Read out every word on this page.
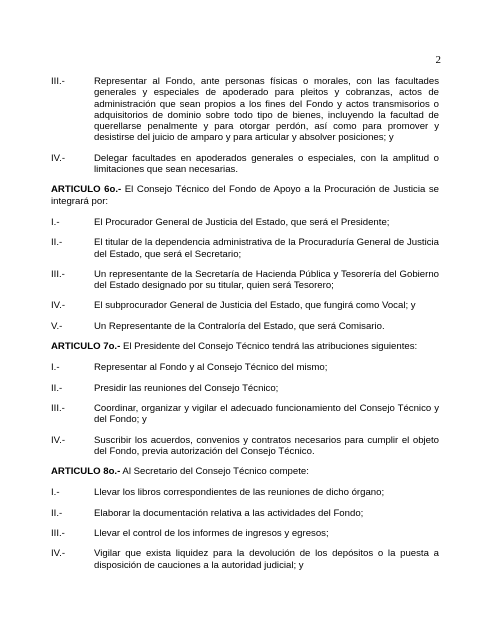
2
III.-	Representar al Fondo, ante personas físicas o morales, con las facultades generales y especiales de apoderado para pleitos y cobranzas, actos de administración que sean propios a los fines del Fondo y actos transmisorios o adquisitorios de dominio sobre todo tipo de bienes, incluyendo la facultad de querellarse penalmente y para otorgar perdón, así como para promover y desistirse del juicio de amparo y para articular y absolver posiciones; y
IV.-	Delegar facultades en apoderados generales o especiales, con la amplitud o limitaciones que sean necesarias.
ARTICULO 6o.- El Consejo Técnico del Fondo de Apoyo a la Procuración de Justicia se integrará por:
I.-	El Procurador General de Justicia del Estado, que será el Presidente;
II.-	El titular de la dependencia administrativa de la Procuraduría General de Justicia del Estado, que será el Secretario;
III.-	Un representante de la Secretaría de Hacienda Pública y Tesorería del Gobierno del Estado designado por su titular, quien será Tesorero;
IV.-	El subprocurador General de Justicia del Estado, que fungirá como Vocal; y
V.-	Un Representante de la Contraloría del Estado, que será Comisario.
ARTICULO 7o.- El Presidente del Consejo Técnico tendrá las atribuciones siguientes:
I.-	Representar al Fondo y al Consejo Técnico del mismo;
II.-	Presidir las reuniones del Consejo Técnico;
III.-	Coordinar, organizar y vigilar el adecuado funcionamiento del Consejo Técnico y del Fondo; y
IV.-	Suscribir los acuerdos, convenios y contratos necesarios para cumplir el objeto del Fondo, previa autorización del Consejo Técnico.
ARTICULO 8o.- Al Secretario del Consejo Técnico compete:
I.-	Llevar los libros correspondientes de las reuniones de dicho órgano;
II.-	Elaborar la documentación relativa a las actividades del Fondo;
III.-	Llevar el control de los informes de ingresos y egresos;
IV.-	Vigilar que exista liquidez para la devolución de los depósitos o la puesta a disposición de cauciones a la autoridad judicial; y
